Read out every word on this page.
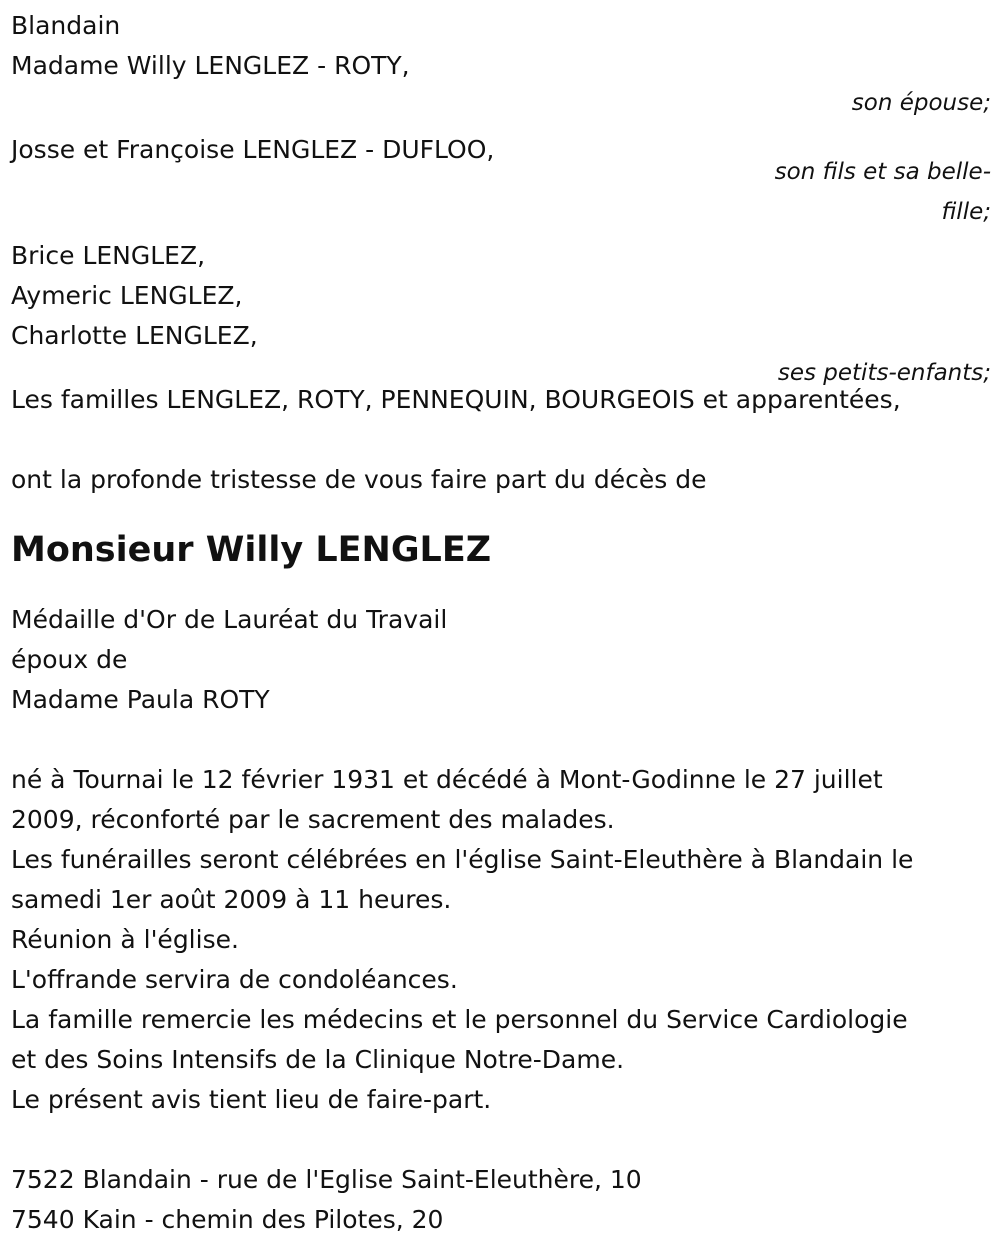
Blandain
Madame Willy LENGLEZ - ROTY,
son épouse;
Josse et Françoise LENGLEZ - DUFLOO,
son fils et sa belle-
fille;
Brice LENGLEZ,
Aymeric LENGLEZ,
Charlotte LENGLEZ,
ses petits-enfants;
Les familles LENGLEZ, ROTY, PENNEQUIN, BOURGEOIS et apparentées,
ont la profonde tristesse de vous faire part du décès de
Monsieur Willy LENGLEZ
Médaille d'Or de Lauréat du Travail
époux de
Madame Paula ROTY
né à Tournai le 12 février 1931 et décédé à Mont-Godinne le 27 juillet
2009, réconforté par le sacrement des malades.
Les funérailles seront célébrées en l'église Saint-Eleuthère à Blandain le
samedi 1er août 2009 à 11 heures.
Réunion à l'église.
L'offrande servira de condoléances.
La famille remercie les médecins et le personnel du Service Cardiologie
et des Soins Intensifs de la Clinique Notre-Dame.
Le présent avis tient lieu de faire-part.
7522 Blandain - rue de l'Eglise Saint-Eleuthère, 10
7540 Kain - chemin des Pilotes, 20
